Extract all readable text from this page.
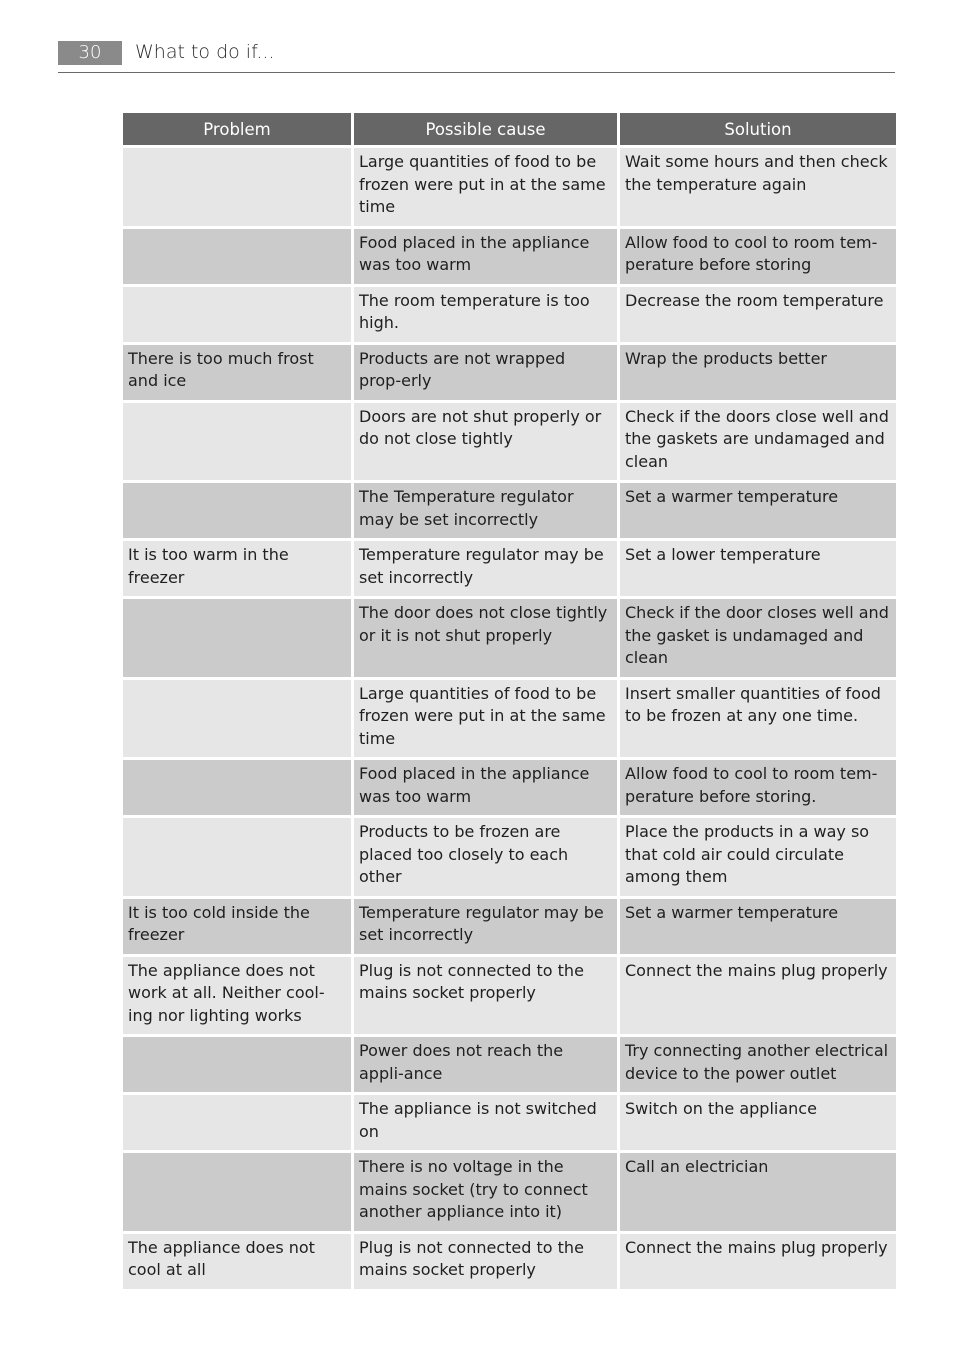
30	What to do if...
Problem	Possible cause	Solution
	Large quantities of food to be frozen were put in at the same time	Wait some hours and then check the temperature again
	Food placed in the appliance was too warm	Allow food to cool to room tem-perature before storing
	The room temperature is too high.	Decrease the room temperature
There is too much frost and ice	Products are not wrapped prop-erly	Wrap the products better
	Doors are not shut properly or do not close tightly	Check if the doors close well and the gaskets are undamaged and clean
	The Temperature regulator may be set incorrectly	Set a warmer temperature
It is too warm in the freezer	Temperature regulator may be set incorrectly	Set a lower temperature
	The door does not close tightly or it is not shut properly	Check if the door closes well and the gasket is undamaged and clean
	Large quantities of food to be frozen were put in at the same time	Insert smaller quantities of food to be frozen at any one time.
	Food placed in the appliance was too warm	Allow food to cool to room tem-perature before storing.
	Products to be frozen are placed too closely to each other	Place the products in a way so that cold air could circulate among them
It is too cold inside the freezer	Temperature regulator may be set incorrectly	Set a warmer temperature
The appliance does not work at all. Neither cool-ing nor lighting works	Plug is not connected to the mains socket properly	Connect the mains plug properly
	Power does not reach the appli-ance	Try connecting another electrical device to the power outlet
	The appliance is not switched on	Switch on the appliance
	There is no voltage in the mains socket (try to connect another appliance into it)	Call an electrician
The appliance does not cool at all	Plug is not connected to the mains socket properly	Connect the mains plug properly
